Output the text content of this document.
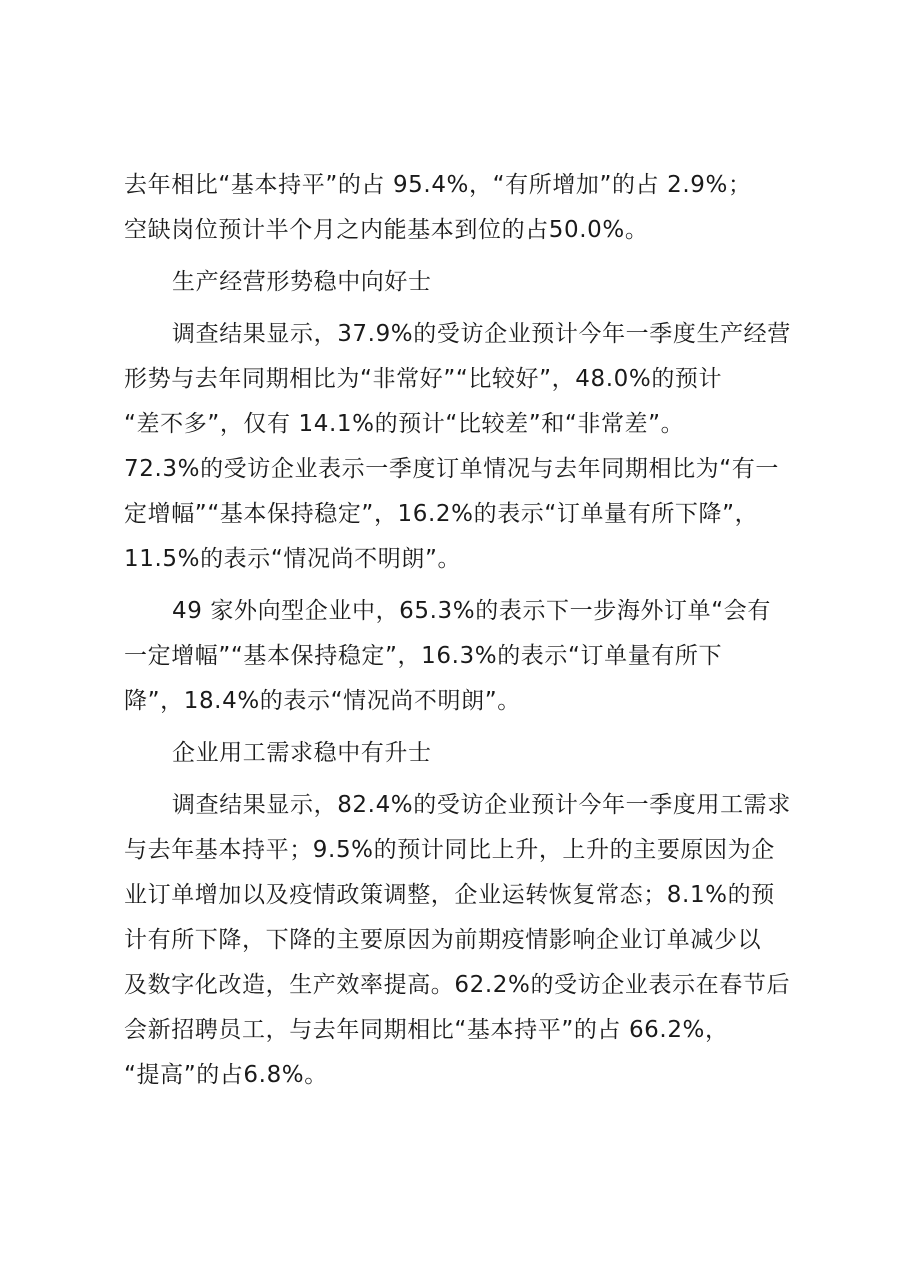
去年相比“基本持平”的占 95.4%，“有所增加”的占 2.9%；
空缺岗位预计半个月之内能基本到位的占50.0%。
生产经营形势稳中向好士
调查结果显示，37.9%的受访企业预计今年一季度生产经营
形势与去年同期相比为“非常好”“比较好”，48.0%的预计
“差不多”，仅有 14.1%的预计“比较差”和“非常差”。
72.3%的受访企业表示一季度订单情况与去年同期相比为“有一
定增幅”“基本保持稳定”，16.2%的表示“订单量有所下降”，
11.5%的表示“情况尚不明朗”。
49 家外向型企业中，65.3%的表示下一步海外订单“会有
一定增幅”“基本保持稳定”，16.3%的表示“订单量有所下
降”，18.4%的表示“情况尚不明朗”。
企业用工需求稳中有升士
调查结果显示，82.4%的受访企业预计今年一季度用工需求
与去年基本持平；9.5%的预计同比上升，上升的主要原因为企
业订单增加以及疫情政策调整，企业运转恢复常态；8.1%的预
计有所下降，下降的主要原因为前期疫情影响企业订单减少以
及数字化改造，生产效率提高。62.2%的受访企业表示在春节后
会新招聘员工，与去年同期相比“基本持平”的占 66.2%，
“提高”的占6.8%。
